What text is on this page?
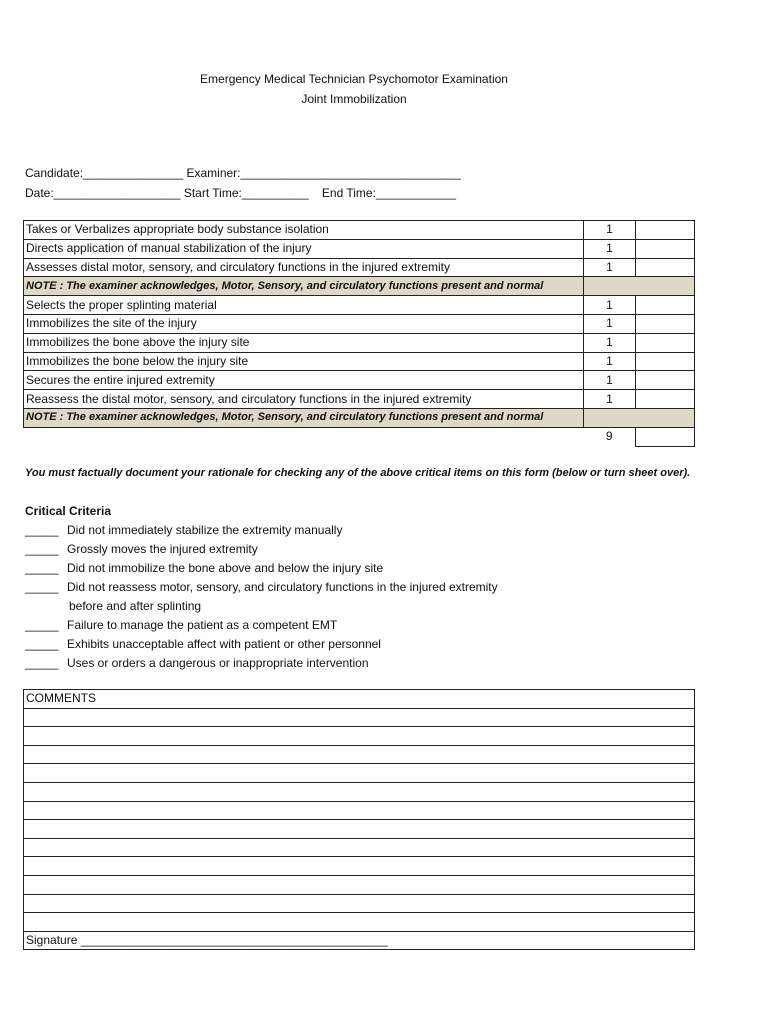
Emergency Medical Technician Psychomotor Examination
Joint Immobilization
Candidate:_______________ Examiner:_________________________________
Date:___________________ Start Time:__________    End Time:____________
Takes or Verbalizes appropriate body substance isolation	1	
Directs application of manual stabilization of the injury	1	
Assesses distal motor, sensory, and circulatory functions in the injured extremity	1	
NOTE : The examiner acknowledges, Motor, Sensory, and circulatory functions present and normal		
Selects the proper splinting material	1	
Immobilizes the site of the injury	1	
Immobilizes the bone above the injury site	1	
Immobilizes the bone below the injury site	1	
Secures the entire injured extremity	1	
Reassess the distal motor, sensory, and circulatory functions in the injured extremity	1	
NOTE : The examiner acknowledges, Motor, Sensory, and circulatory functions present and normal		
	9	
You must factually document your rationale for checking any of the above critical items on this form (below or turn sheet over).
Critical Criteria
_____ Did not immediately stabilize the extremity manually
_____ Grossly moves the injured extremity
_____ Did not immobilize the bone above and below the injury site
_____ Did not reassess motor, sensory, and circulatory functions in the injured extremity
before and after splinting
_____ Failure to manage the patient as a competent EMT
_____ Exhibits unacceptable affect with patient or other personnel
_____ Uses or orders a dangerous or inappropriate intervention
COMMENTS

Signature ______________________________________________
